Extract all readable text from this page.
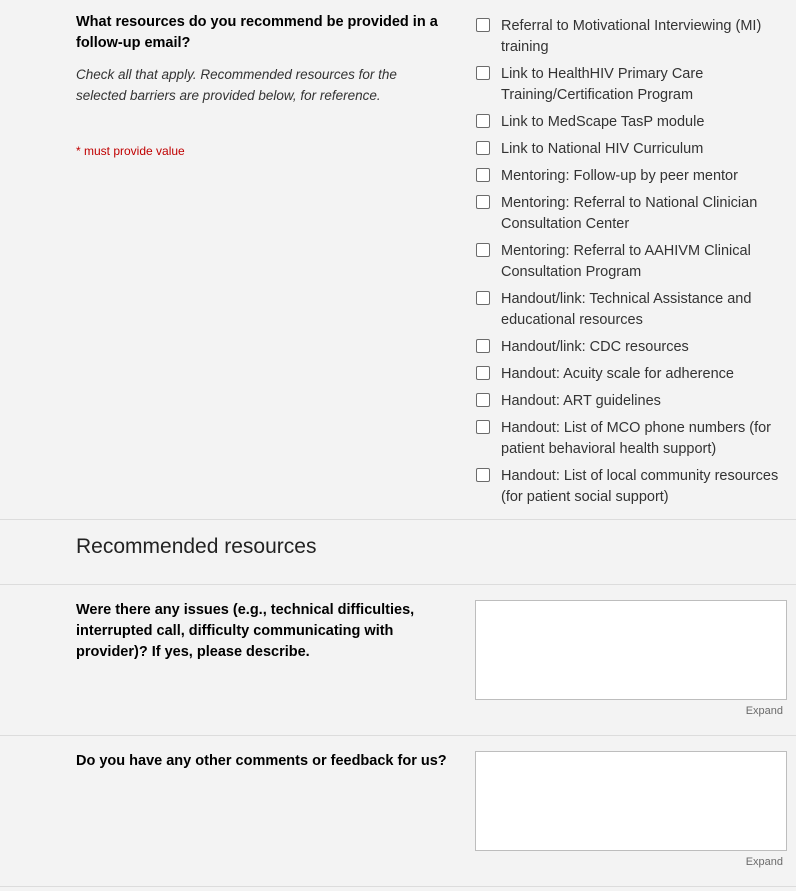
What resources do you recommend be provided in a follow-up email?
Check all that apply. Recommended resources for the selected barriers are provided below, for reference.
* must provide value
Referral to Motivational Interviewing (MI) training
Link to HealthHIV Primary Care Training/Certification Program
Link to MedScape TasP module
Link to National HIV Curriculum
Mentoring: Follow-up by peer mentor
Mentoring: Referral to National Clinician Consultation Center
Mentoring: Referral to AAHIVM Clinical Consultation Program
Handout/link: Technical Assistance and educational resources
Handout/link: CDC resources
Handout: Acuity scale for adherence
Handout: ART guidelines
Handout: List of MCO phone numbers (for patient behavioral health support)
Handout: List of local community resources (for patient social support)
Recommended resources
Were there any issues (e.g., technical difficulties, interrupted call, difficulty communicating with provider)? If yes, please describe.
Expand
Do you have any other comments or feedback for us?
Expand
